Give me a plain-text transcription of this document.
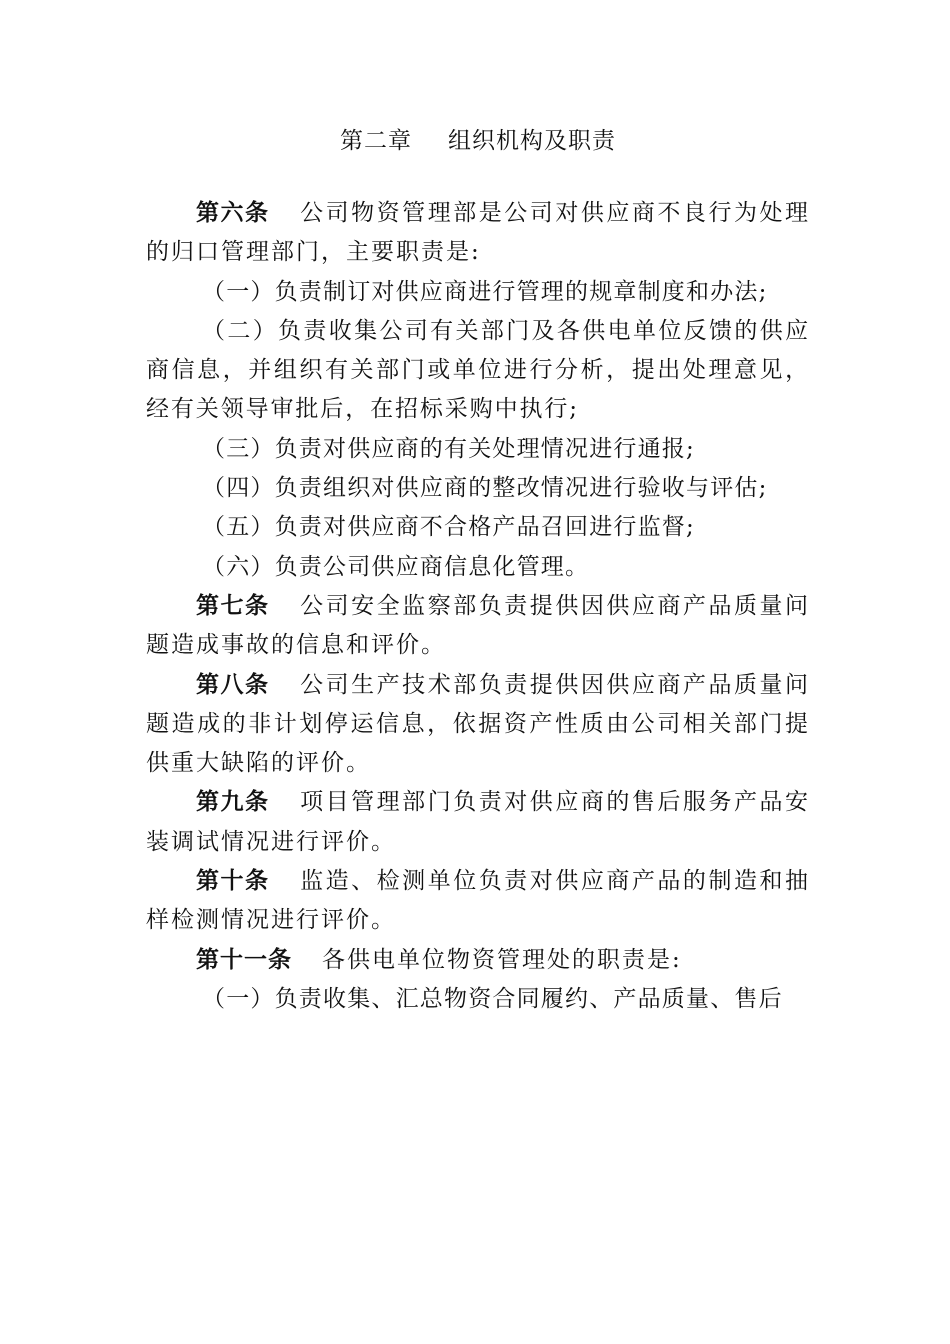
第二章 组织机构及职责

第六条 公司物资管理部是公司对供应商不良行为处理的归口管理部门，主要职责是:

（一）负责制订对供应商进行管理的规章制度和办法;

（二）负责收集公司有关部门及各供电单位反馈的供应商信息，并组织有关部门或单位进行分析，提出处理意见，经有关领导审批后，在招标采购中执行;

（三）负责对供应商的有关处理情况进行通报;

（四）负责组织对供应商的整改情况进行验收与评估;

（五）负责对供应商不合格产品召回进行监督;

（六）负责公司供应商信息化管理。

第七条 公司安全监察部负责提供因供应商产品质量问题造成事故的信息和评价。

第八条 公司生产技术部负责提供因供应商产品质量问题造成的非计划停运信息，依据资产性质由公司相关部门提供重大缺陷的评价。

第九条 项目管理部门负责对供应商的售后服务产品安装调试情况进行评价。

第十条 监造、检测单位负责对供应商产品的制造和抽样检测情况进行评价。

第十一条 各供电单位物资管理处的职责是:

（一）负责收集、汇总物资合同履约、产品质量、售后
